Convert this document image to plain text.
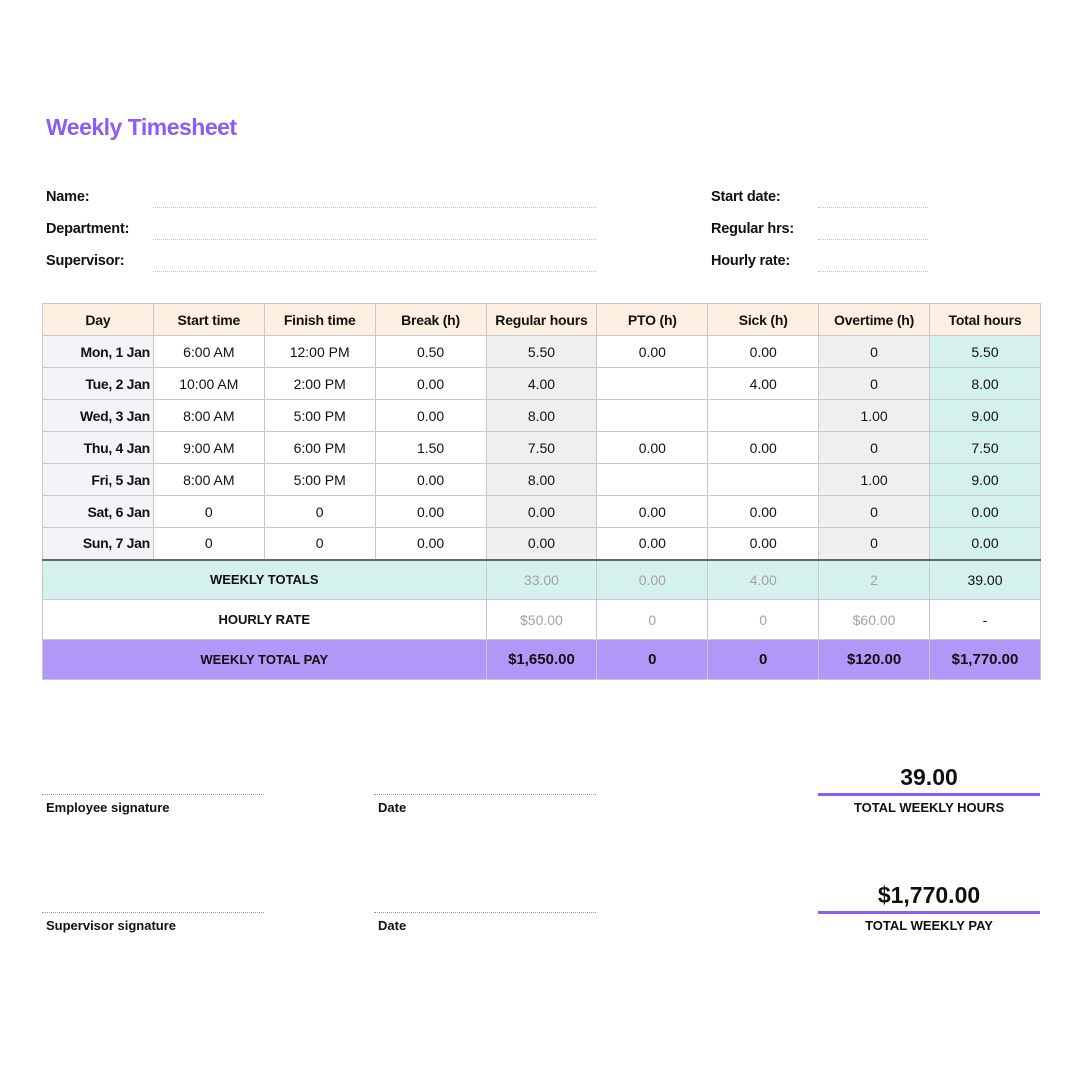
Weekly Timesheet
Name:
Department:
Supervisor:
Start date:
Regular hrs:
Hourly rate:
Day	Start time	Finish time	Break (h)	Regular hours	PTO (h)	Sick (h)	Overtime (h)	Total hours
Mon, 1 Jan	6:00 AM	12:00 PM	0.50	5.50	0.00	0.00	0	5.50
Tue, 2 Jan	10:00 AM	2:00 PM	0.00	4.00		4.00	0	8.00
Wed, 3 Jan	8:00 AM	5:00 PM	0.00	8.00			1.00	9.00
Thu, 4 Jan	9:00 AM	6:00 PM	1.50	7.50	0.00	0.00	0	7.50
Fri, 5 Jan	8:00 AM	5:00 PM	0.00	8.00			1.00	9.00
Sat, 6 Jan	0	0	0.00	0.00	0.00	0.00	0	0.00
Sun, 7 Jan	0	0	0.00	0.00	0.00	0.00	0	0.00
WEEKLY TOTALS				33.00	0.00	4.00	2	39.00
HOURLY RATE				$50.00	0	0	$60.00	-
WEEKLY TOTAL PAY				$1,650.00	0	0	$120.00	$1,770.00
Employee signature	Date
Supervisor signature	Date
39.00
TOTAL WEEKLY HOURS
$1,770.00
TOTAL WEEKLY PAY
